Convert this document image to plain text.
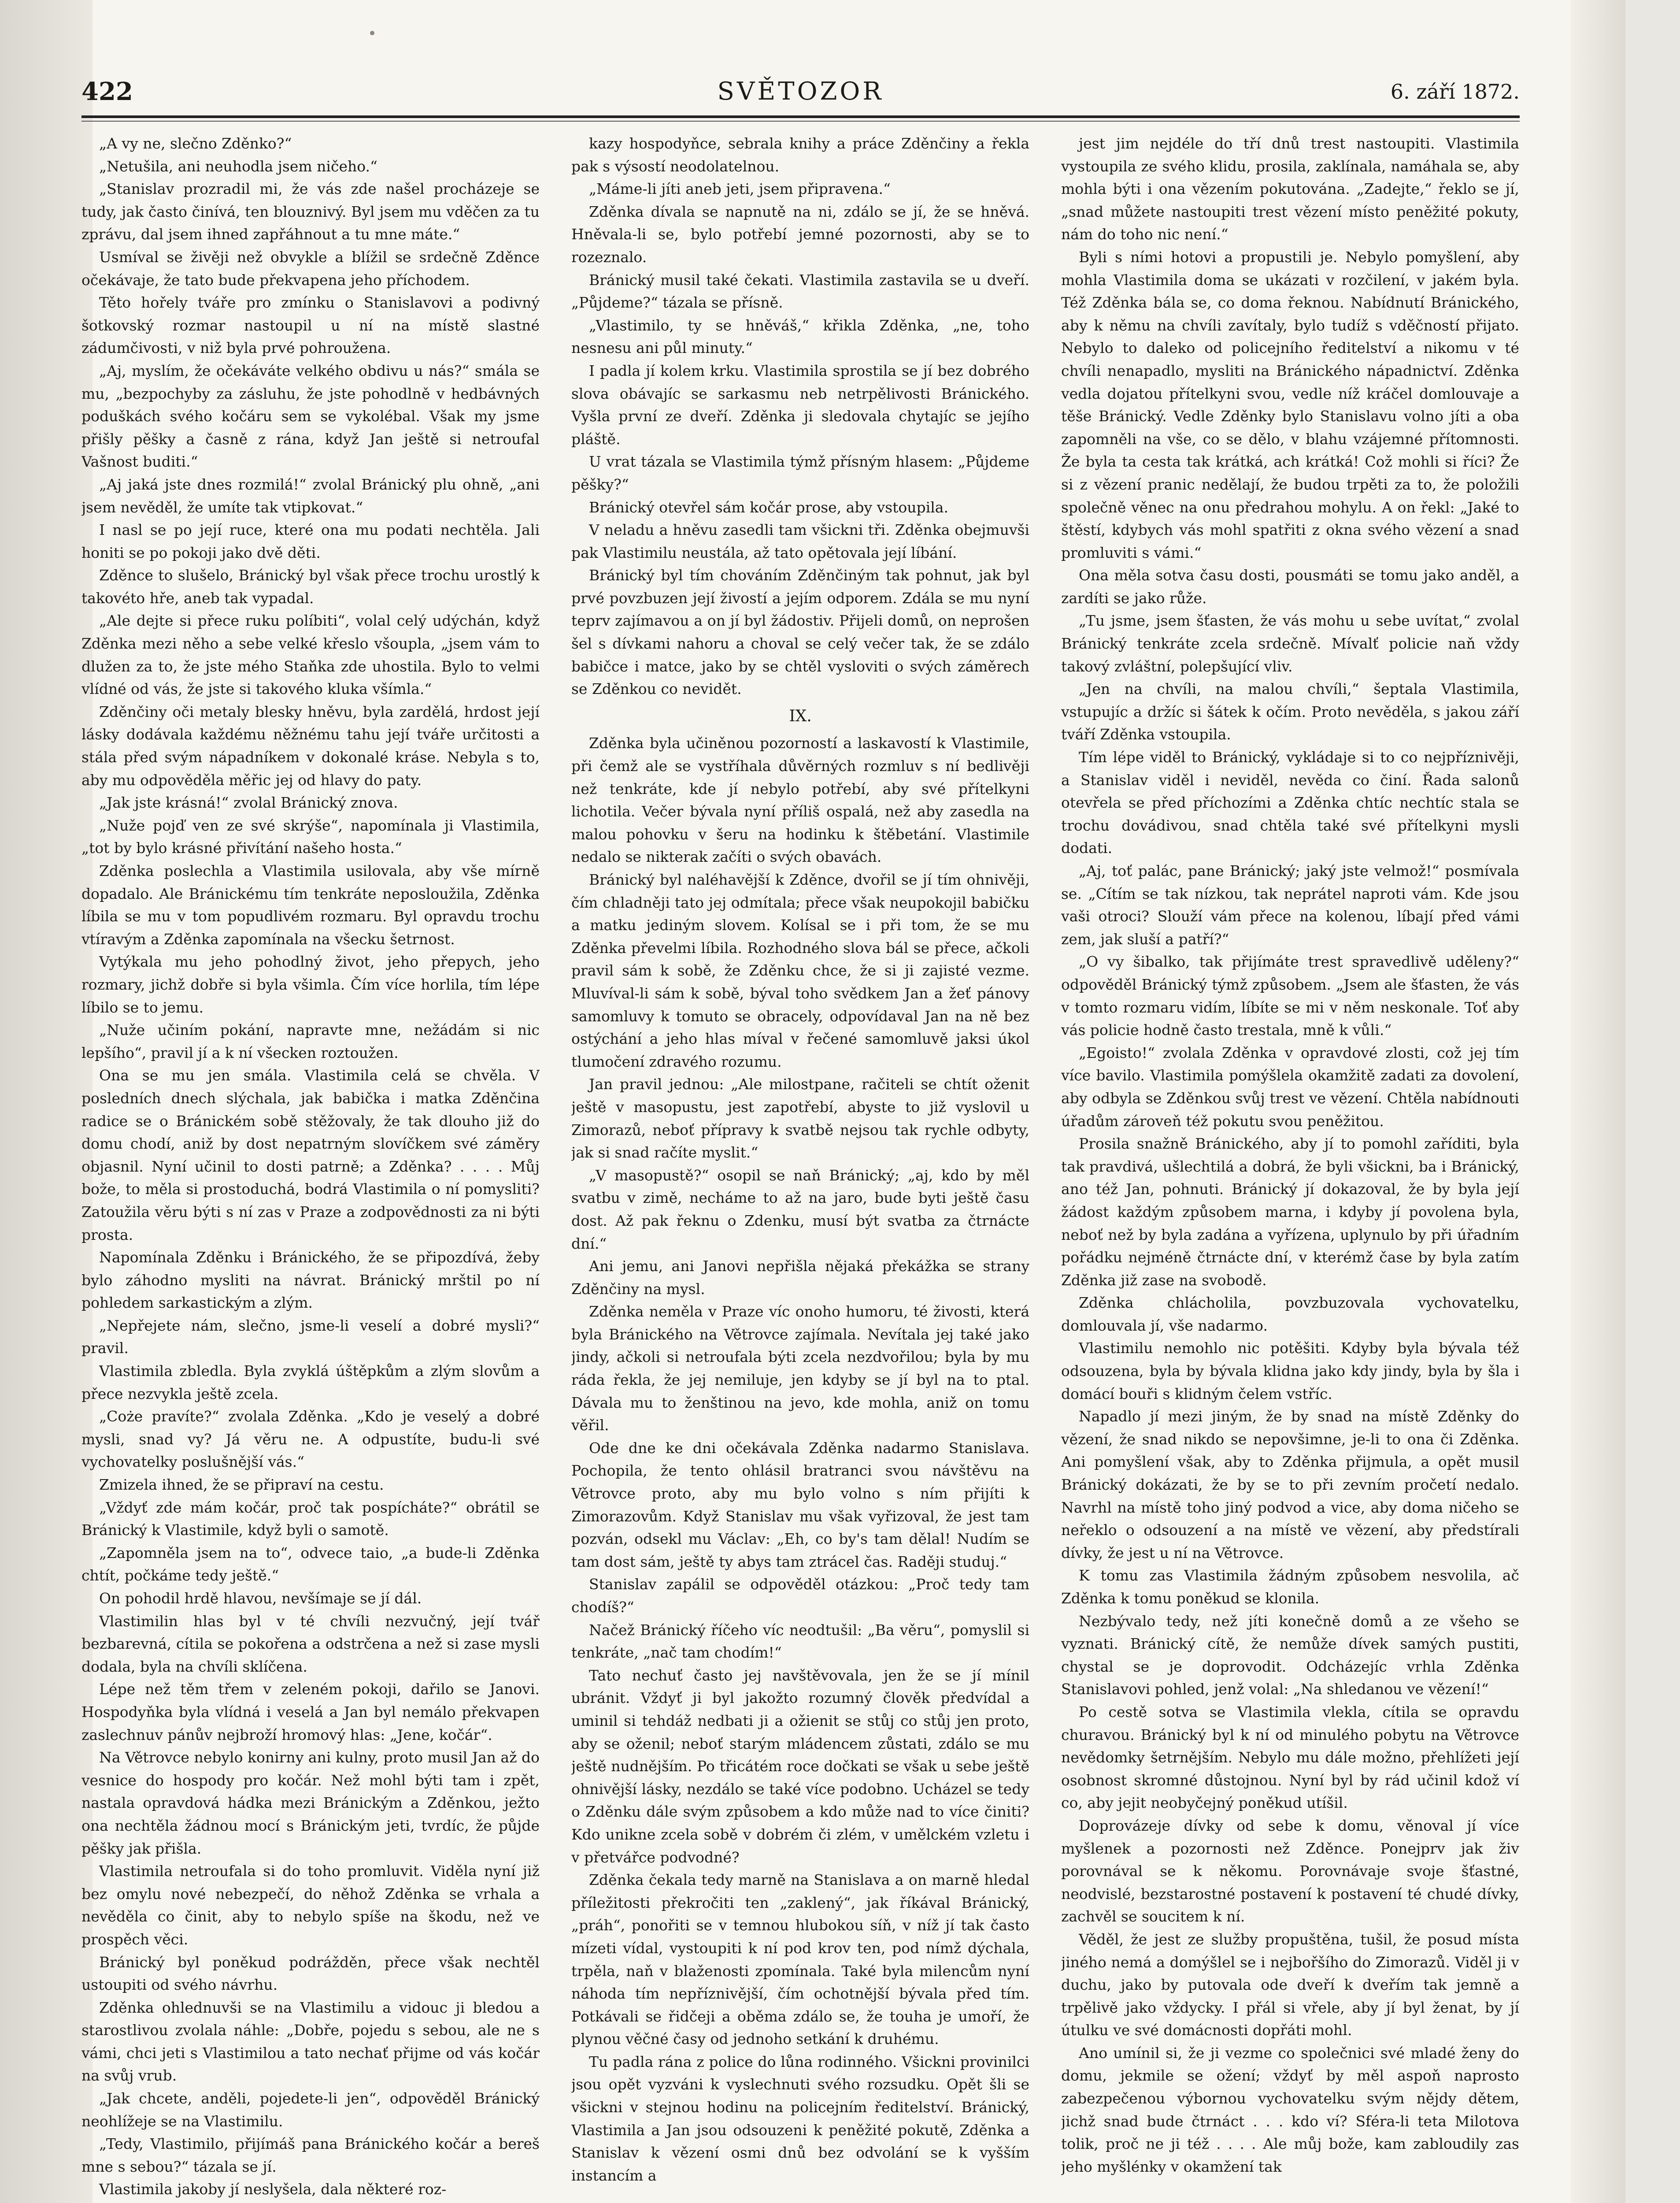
422	SVĚTOZOR	6. září 1872.

„A vy ne, slečno Zděnko?“

„Netušila, ani neuhodla jsem ničeho.“

„Stanislav prozradil mi, že vás zde našel procházeje se tudy, jak často činívá, ten blouznivý. Byl jsem mu vděčen za tu zprávu, dal jsem ihned zapřáhnout a tu mne máte.“

Usmíval se živěji než obvykle a blížil se srdečně Zděnce očekávaje, že tato bude překvapena jeho příchodem.

Těto hořely tváře pro zmínku o Stanislavovi a podivný šotkovský rozmar nastoupil u ní na místě slastné zádumčivosti, v niž byla prvé pohroužena.

„Aj, myslím, že očekáváte velkého obdivu u nás?“ smála se mu, „bezpochyby za zásluhu, že jste pohodlně v hedbávných poduškách svého kočáru sem se vykolébal. Však my jsme přišly pěšky a časně z rána, když Jan ještě si netroufal Vašnost buditi.“

„Aj jaká jste dnes rozmilá!“ zvolal Bránický plu ohně, „ani jsem nevěděl, že umíte tak vtipkovat.“

I nasl se po její ruce, které ona mu podati nechtěla. Jali honiti se po pokoji jako dvě děti.

Zděnce to slušelo, Bránický byl však přece trochu urostlý k takovéto hře, aneb tak vypadal.

„Ale dejte si přece ruku políbiti“, volal celý udýchán, když Zděnka mezi něho a sebe velké křeslo všoupla, „jsem vám to dlužen za to, že jste mého Staňka zde uhostila. Bylo to velmi vlídné od vás, že jste si takového kluka všímla.“

Zděnčiny oči metaly blesky hněvu, byla zardělá, hrdost její lásky dodávala každému něžnému tahu její tváře určitosti a stála před svým nápadníkem v dokonalé kráse. Nebyla s to, aby mu odpověděla měřic jej od hlavy do paty.

„Jak jste krásná!“ zvolal Bránický znova.

„Nuže pojď ven ze své skrýše“, napomínala ji Vlastimila, „tot by bylo krásné přivítání našeho hosta.“

Zděnka poslechla a Vlastimila usilovala, aby vše mírně dopadalo. Ale Bránickému tím tenkráte neposloužila, Zděnka líbila se mu v tom popudlivém rozmaru. Byl opravdu trochu vtíravým a Zděnka zapomínala na všecku šetrnost.

Vytýkala mu jeho pohodlný život, jeho přepych, jeho rozmary, jichž dobře si byla všimla. Čím více horlila, tím lépe líbilo se to jemu.

„Nuže učiním pokání, napravte mne, nežádám si nic lepšího“, pravil jí a k ní všecken roztoužen.

Ona se mu jen smála. Vlastimila celá se chvěla. V posledních dnech slýchala, jak babička i matka Zděnčina radice se o Bránickém sobě stěžovaly, že tak dlouho již do domu chodí, aniž by dost nepatrným slovíčkem své záměry objasnil. Nyní učinil to dosti patrně; a Zděnka? . . . . Můj bože, to měla si prostoduchá, bodrá Vlastimila o ní pomysliti? Zatoužila věru býti s ní zas v Praze a zodpovědnosti za ni býti prosta.

Napomínala Zděnku i Bránického, že se připozdívá, žeby bylo záhodno mysliti na návrat. Bránický mrštil po ní pohledem sarkastickým a zlým.

„Nepřejete nám, slečno, jsme-li veselí a dobré mysli?“ pravil.

Vlastimila zbledla. Byla zvyklá úštěpkům a zlým slovům a přece nezvykla ještě zcela.

„Coże pravíte?“ zvolala Zděnka. „Kdo je veselý a dobré mysli, snad vy? Já věru ne. A odpustíte, budu-li své vychovatelky poslušnější vás.“

Zmizela ihned, že se připraví na cestu.

„Vždyť zde mám kočár, proč tak pospícháte?“ obrátil se Bránický k Vlastimile, když byli o samotě.

„Zapomněla jsem na to“, odvece taio, „a bude-li Zděnka chtít, počkáme tedy ještě.“

On pohodil hrdě hlavou, nevšímaje se jí dál.

Vlastimilin hlas byl v té chvíli nezvučný, její tvář bezbarevná, cítila se pokořena a odstrčena a než si zase mysli dodala, byla na chvíli sklíčena.

Lépe než těm třem v zeleném pokoji, dařilo se Janovi. Hospodyňka byla vlídná i veselá a Jan byl nemálo překvapen zaslechnuv pánův nejbroží hromový hlas: „Jene, kočár“.

Na Větrovce nebylo konirny ani kulny, proto musil Jan až do vesnice do hospody pro kočár. Než mohl býti tam i zpět, nastala opravdová hádka mezi Bránickým a Zděnkou, ježto ona nechtěla žádnou mocí s Bránickým jeti, tvrdíc, že půjde pěšky jak přišla.

Vlastimila netroufala si do toho promluvit. Viděla nyní již bez omylu nové nebezpečí, do něhož Zděnka se vrhala a nevěděla co činit, aby to nebylo spíše na škodu, než ve prospěch věci.

Bránický byl poněkud podrážděn, přece však nechtěl ustoupiti od svého návrhu.

Zděnka ohlednuvši se na Vlastimilu a vidouc ji bledou a starostlivou zvolala náhle: „Dobře, pojedu s sebou, ale ne s vámi, chci jeti s Vlastimilou a tato nechať přijme od vás kočár na svůj vrub.

„Jak chcete, anděli, pojedete-li jen“, odpověděl Bránický neohlížeje se na Vlastimilu.

„Tedy, Vlastimilo, přijímáš pana Bránického kočár a bereš mne s sebou?“ tázala se jí.

Vlastimila jakoby jí neslyšela, dala některé roz-

kazy hospodyňce, sebrala knihy a práce Zděnčiny a řekla pak s výsostí neodolatelnou.

„Máme-li jíti aneb jeti, jsem připravena.“

Zděnka dívala se napnutě na ni, zdálo se jí, že se hněvá. Hněvala-li se, bylo potřebí jemné pozornosti, aby se to rozeznalo.

Bránický musil také čekati. Vlastimila zastavila se u dveří. „Půjdeme?“ tázala se přísně.

„Vlastimilo, ty se hněváš,“ křikla Zděnka, „ne, toho nesnesu ani půl minuty.“

I padla jí kolem krku. Vlastimila sprostila se jí bez dobrého slova obávajíc se sarkasmu neb netrpělivosti Bránického. Vyšla první ze dveří. Zděnka ji sledovala chytajíc se jejího pláště.

U vrat tázala se Vlastimila týmž přísným hlasem: „Půjdeme pěšky?“

Bránický otevřel sám kočár prose, aby vstoupila.

V neladu a hněvu zasedli tam všickni tři. Zděnka obejmuvši pak Vlastimilu neustála, až tato opětovala její líbání.

Bránický byl tím chováním Zděnčiným tak pohnut, jak byl prvé povzbuzen její živostí a jejím odporem. Zdála se mu nyní teprv zajímavou a on jí byl žádostiv. Přijeli domů, on neprošen šel s dívkami nahoru a choval se celý večer tak, že se zdálo babičce i matce, jako by se chtěl vysloviti o svých záměrech se Zděnkou co nevidět.

IX.

Zděnka byla učiněnou pozorností a laskavostí k Vlastimile, při čemž ale se vystříhala důvěrných rozmluv s ní bedlivěji než tenkráte, kde jí nebylo potřebí, aby své přítelkyni lichotila. Večer bývala nyní příliš ospalá, než aby zasedla na malou pohovku v šeru na hodinku k štěbetání. Vlastimile nedalo se nikterak začíti o svých obavách.

Bránický byl naléhavější k Zděnce, dvořil se jí tím ohnivěji, čím chladněji tato jej odmítala; přece však neupokojil babičku a matku jediným slovem. Kolísal se i při tom, že se mu Zděnka převelmi líbila. Rozhodného slova bál se přece, ačkoli pravil sám k sobě, že Zděnku chce, že si ji zajisté vezme. Mluvíval-li sám k sobě, býval toho svědkem Jan a žeť pánovy samomluvy k tomuto se obracely, odpovídaval Jan na ně bez ostýchání a jeho hlas míval v řečené samomluvě jaksi úkol tlumočení zdravého rozumu.

Jan pravil jednou: „Ale milostpane, račiteli se chtít oženit ještě v masopustu, jest zapotřebí, abyste to již vyslovil u Zimorazů, neboť přípravy k svatbě nejsou tak rychle odbyty, jak si snad račíte myslit.“

„V masopustě?“ osopil se naň Bránický; „aj, kdo by měl svatbu v zimě, necháme to až na jaro, bude byti ještě času dost. Až pak řeknu o Zdenku, musí být svatba za čtrnácte dní.“

Ani jemu, ani Janovi nepřišla nějaká překážka se strany Zděnčiny na mysl.

Zděnka neměla v Praze víc onoho humoru, té živosti, která byla Bránického na Větrovce zajímala. Nevítala jej také jako jindy, ačkoli si netroufala býti zcela nezdvořilou; byla by mu ráda řekla, že jej nemiluje, jen kdyby se jí byl na to ptal. Dávala mu to ženštinou na jevo, kde mohla, aniž on tomu věřil.

Ode dne ke dni očekávala Zděnka nadarmo Stanislava. Pochopila, že tento ohlásil bratranci svou návštěvu na Větrovce proto, aby mu bylo volno s ním přijíti k Zimorazovům. Když Stanislav mu však vyřizoval, že jest tam pozván, odsekl mu Václav: „Eh, co by's tam dělal! Nudím se tam dost sám, ještě ty abys tam ztrácel čas. Raději studuj.“

Stanislav zapálil se odpověděl otázkou: „Proč tedy tam chodíš?“

Načež Bránický říčeho víc neodtušil: „Ba věru“, pomyslil si tenkráte, „nač tam chodím!“

Tato nechuť často jej navštěvovala, jen že se jí mínil ubránit. Vždyť ji byl jakožto rozumný člověk předvídal a uminil si tehdáž nedbati ji a ožienit se stůj co stůj jen proto, aby se oženil; neboť starým mládencem zůstati, zdálo se mu ještě nudnějším. Po třicátém roce dočkati se však u sebe ještě ohnivější lásky, nezdálo se také více podobno. Ucházel se tedy o Zděnku dále svým způsobem a kdo může nad to více činiti? Kdo unikne zcela sobě v dobrém či zlém, v umělckém vzletu i v přetvářce podvodné?

Zděnka čekala tedy marně na Stanislava a on marně hledal příležitosti překročiti ten „zaklený“, jak říkával Bránický, „práh“, ponořiti se v temnou hlubokou síň, v níž jí tak často mízeti vídal, vystoupiti k ní pod krov ten, pod nímž dýchala, trpěla, naň v blaženosti zpomínala. Také byla milencům nyní náhoda tím nepříznivější, čím ochotnější bývala před tím. Potkávali se řidčeji a oběma zdálo se, že touha je umoří, že plynou věčné časy od jednoho setkání k druhému.

Tu padla rána z police do lůna rodinného. Všickni provinilci jsou opět vyzváni k vyslechnuti svého rozsudku. Opět šli se všickni v stejnou hodinu na policejním ředitelství. Bránický, Vlastimila a Jan jsou odsouzeni k peněžité pokutě, Zděnka a Stanislav k vězení osmi dnů bez odvolání se k vyšším instancím a

jest jim nejdéle do tří dnů trest nastoupiti. Vlastimila vystoupila ze svého klidu, prosila, zaklínala, namáhala se, aby mohla býti i ona vězením pokutována. „Zadejte,“ řeklo se jí, „snad můžete nastoupiti trest vězení místo peněžité pokuty, nám do toho nic není.“

Byli s ními hotovi a propustili je. Nebylo pomyšlení, aby mohla Vlastimila doma se ukázati v rozčilení, v jakém byla. Též Zděnka bála se, co doma řeknou. Nabídnutí Bránického, aby k němu na chvíli zavítaly, bylo tudíž s vděčností přijato. Nebylo to daleko od policejního ředitelství a nikomu v té chvíli nenapadlo, mysliti na Bránického nápadnictví. Zděnka vedla dojatou přítelkyni svou, vedle níž kráčel domlouvaje a těše Bránický. Vedle Zděnky bylo Stanislavu volno jíti a oba zapomněli na vše, co se dělo, v blahu vzájemné přítomnosti. Že byla ta cesta tak krátká, ach krátká! Což mohli si říci? Že si z vězení pranic nedělají, že budou trpěti za to, že položili společně věnec na onu předrahou mohylu. A on řekl: „Jaké to štěstí, kdybych vás mohl spatřiti z okna svého vězení a snad promluviti s vámi.“

Ona měla sotva času dosti, pousmáti se tomu jako anděl, a zardíti se jako růže.

„Tu jsme, jsem šťasten, že vás mohu u sebe uvítat,“ zvolal Bránický tenkráte zcela srdečně. Mívalť policie naň vždy takový zvláštní, polepšující vliv.

„Jen na chvíli, na malou chvíli,“ šeptala Vlastimila, vstupujíc a držíc si šátek k očím. Proto nevěděla, s jakou září tváří Zděnka vstoupila.

Tím lépe viděl to Bránický, vykládaje si to co nejpříznivěji, a Stanislav viděl i neviděl, nevěda co činí. Řada salonů otevřela se před příchozími a Zděnka chtíc nechtíc stala se trochu dovádivou, snad chtěla také své přítelkyni mysli dodati.

„Aj, toť palác, pane Bránický; jaký jste velmož!“ posmívala se. „Cítím se tak nízkou, tak neprátel naproti vám. Kde jsou vaši otroci? Slouží vám přece na kolenou, líbají před vámi zem, jak sluší a patří?“

„O vy šibalko, tak přijímáte trest spravedlivě uděleny?“ odpověděl Bránický týmž způsobem. „Jsem ale šťasten, že vás v tomto rozmaru vidím, líbíte se mi v něm neskonale. Toť aby vás policie hodně často trestala, mně k vůli.“

„Egoisto!“ zvolala Zděnka v opravdové zlosti, což jej tím více bavilo. Vlastimila pomýšlela okamžitě zadati za dovolení, aby odbyla se Zděnkou svůj trest ve vězení. Chtěla nabídnouti úřadům zároveň též pokutu svou peněžitou.

Prosila snažně Bránického, aby jí to pomohl zaříditi, byla tak pravdivá, ušlechtilá a dobrá, že byli všickni, ba i Bránický, ano též Jan, pohnuti. Bránický jí dokazoval, že by byla její žádost každým způsobem marna, i kdyby jí povolena byla, neboť než by byla zadána a vyřízena, uplynulo by při úřadním pořádku nejméně čtrnácte dní, v kterémž čase by byla zatím Zděnka již zase na svobodě.

Zděnka chlácholila, povzbuzovala vychovatelku, domlouvala jí, vše nadarmo.

Vlastimilu nemohlo nic potěšiti. Kdyby byla bývala též odsouzena, byla by bývala klidna jako kdy jindy, byla by šla i domácí bouři s klidným čelem vstříc.

Napadlo jí mezi jiným, že by snad na místě Zděnky do vězení, že snad nikdo se nepovšimne, je-li to ona či Zděnka. Ani pomyšlení však, aby to Zděnka přijmula, a opět musil Bránický dokázati, že by se to při zevním pročetí nedalo. Navrhl na místě toho jiný podvod a vice, aby doma ničeho se neřeklo o odsouzení a na místě ve vězení, aby předstírali dívky, že jest u ní na Větrovce.

K tomu zas Vlastimila žádným způsobem nesvolila, ač Zděnka k tomu poněkud se klonila.

Nezbývalo tedy, než jíti konečně domů a ze všeho se vyznati. Bránický cítě, že nemůže dívek samých pustiti, chystal se je doprovodit. Odcházejíc vrhla Zděnka Stanislavovi pohled, jenž volal: „Na shledanou ve vězení!“

Po cestě sotva se Vlastimila vlekla, cítila se opravdu churavou. Bránický byl k ní od minulého pobytu na Větrovce nevědomky šetrnějším. Nebylo mu dále možno, přehlížeti její osobnost skromné důstojnou. Nyní byl by rád učinil kdož ví co, aby jejit neobyčejný poněkud utíšil.

Doprovázeje dívky od sebe k domu, věnoval jí více myšlenek a pozornosti než Zděnce. Ponejprv jak živ porovnával se k někomu. Porovnávaje svoje šťastné, neodvislé, bezstarostné postavení k postavení té chudé dívky, zachvěl se soucitem k ní.

Věděl, že jest ze služby propuštěna, tušil, že posud místa jiného nemá a domýšlel se i nejbořšího do Zimorazů. Viděl ji v duchu, jako by putovala ode dveří k dveřím tak jemně a trpělivě jako vždycky. I přál si vřele, aby jí byl ženat, by jí útulku ve své domácnosti dopřáti mohl.

Ano umínil si, že ji vezme co společnici své mladé ženy do domu, jekmile se ožení; vždyť by měl aspoň naprosto zabezpečenou výbornou vychovatelku svým nějdy dětem, jichž snad bude čtrnáct . . . kdo ví? Sféra-li teta Milotova tolik, proč ne ji též . . . . Ale můj bože, kam zabloudily zas jeho myšlénky v okamžení tak
